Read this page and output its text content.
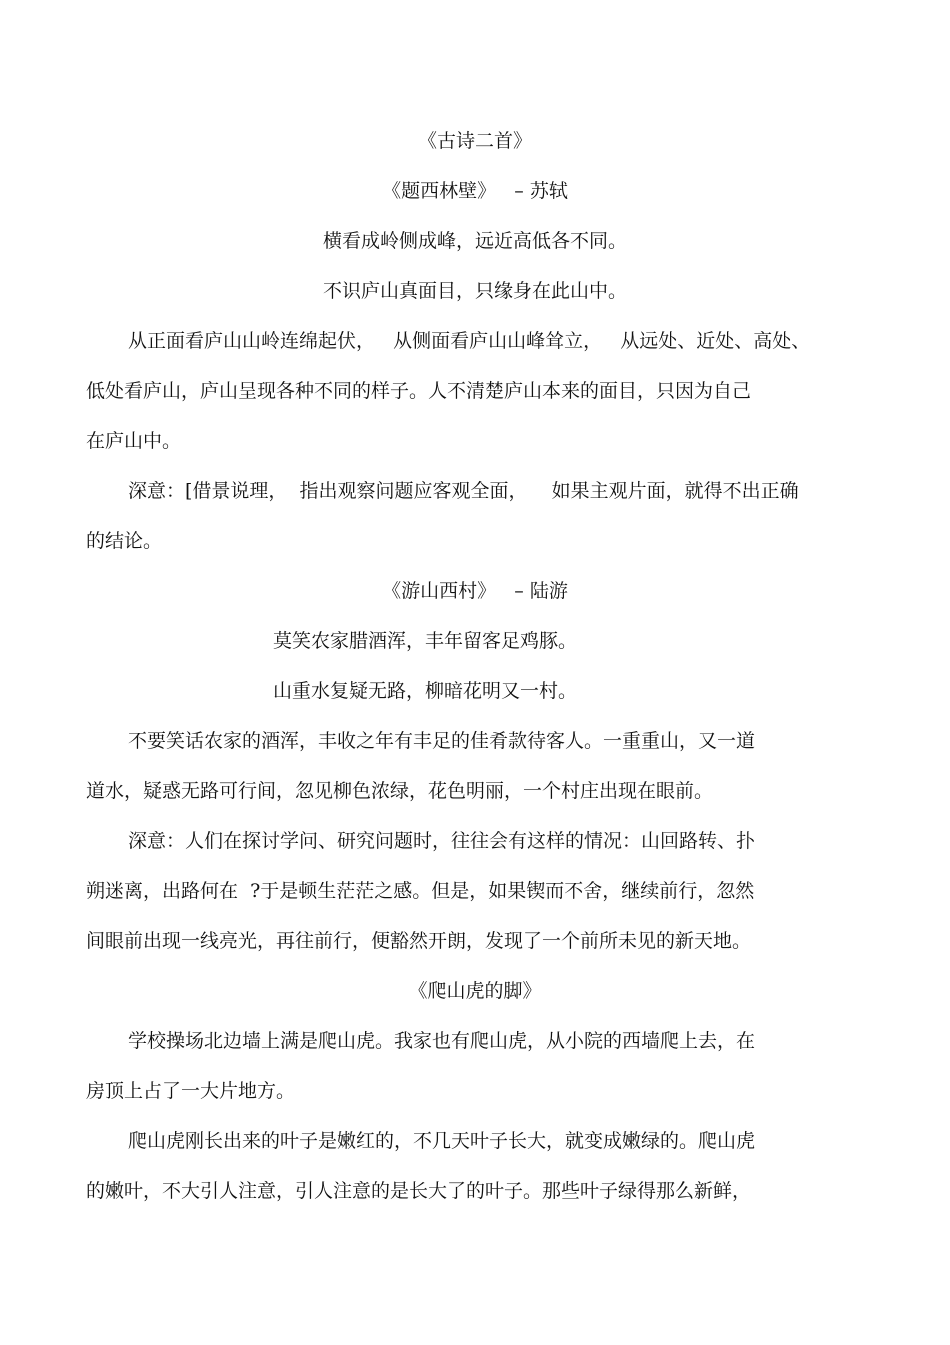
《古诗二首》
《题西林壁》   – 苏轼
横看成岭侧成峰，远近高低各不同。
不识庐山真面目，只缘身在此山中。
从正面看庐山山岭连绵起伏，   从侧面看庐山山峰耸立，   从远处、近处、高处、
低处看庐山，庐山呈现各种不同的样子。人不清楚庐山本来的面目，只因为自己
在庐山中。
深意：[借景说理，  指出观察问题应客观全面，    如果主观片面，就得不出正确
的结论。
《游山西村》   – 陆游
莫笑农家腊酒浑，丰年留客足鸡豚。
山重水复疑无路，柳暗花明又一村。
不要笑话农家的酒浑，丰收之年有丰足的佳肴款待客人。一重重山，又一道
道水，疑惑无路可行间，忽见柳色浓绿，花色明丽，一个村庄出现在眼前。
深意：人们在探讨学问、研究问题时，往往会有这样的情况：山回路转、扑
朔迷离，出路何在  ?于是顿生茫茫之感。但是，如果锲而不舍，继续前行，忽然
间眼前出现一线亮光，再往前行，便豁然开朗，发现了一个前所未见的新天地。
《爬山虎的脚》
学校操场北边墙上满是爬山虎。我家也有爬山虎，从小院的西墙爬上去，在
房顶上占了一大片地方。
爬山虎刚长出来的叶子是嫩红的，不几天叶子长大，就变成嫩绿的。爬山虎
的嫩叶，不大引人注意，引人注意的是长大了的叶子。那些叶子绿得那么新鲜，
